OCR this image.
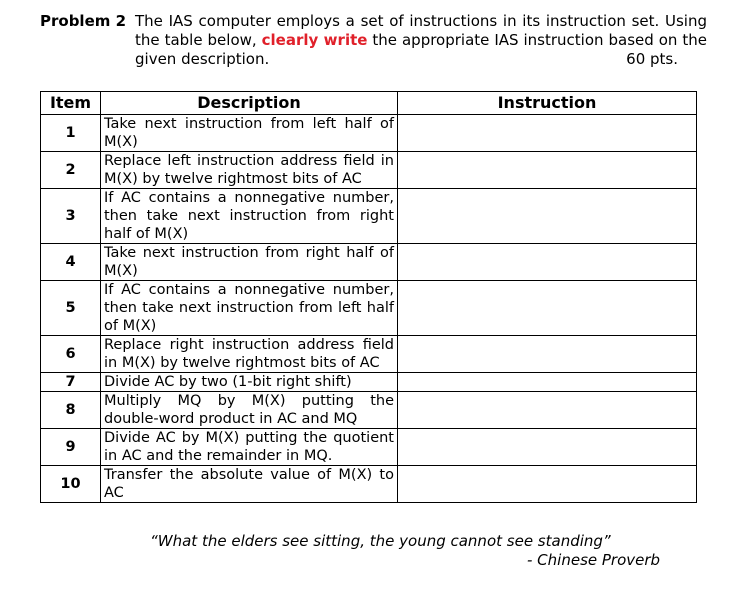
Problem 2 The IAS computer employs a set of instructions in its instruction set. Using the table below, clearly write the appropriate IAS instruction based on the given description.	60 pts.
Item	Description	Instruction
1	Take next instruction from left half of M(X)	
2	Replace left instruction address field in M(X) by twelve rightmost bits of AC	
3	If AC contains a nonnegative number, then take next instruction from right half of M(X)	
4	Take next instruction from right half of M(X)	
5	If AC contains a nonnegative number, then take next instruction from left half of M(X)	
6	Replace right instruction address field in M(X) by twelve rightmost bits of AC	
7	Divide AC by two (1-bit right shift)	
8	Multiply MQ by M(X) putting the double-word product in AC and MQ	
9	Divide AC by M(X) putting the quotient in AC and the remainder in MQ.	
10	Transfer the absolute value of M(X) to AC	
“What the elders see sitting, the young cannot see standing”
- Chinese Proverb
